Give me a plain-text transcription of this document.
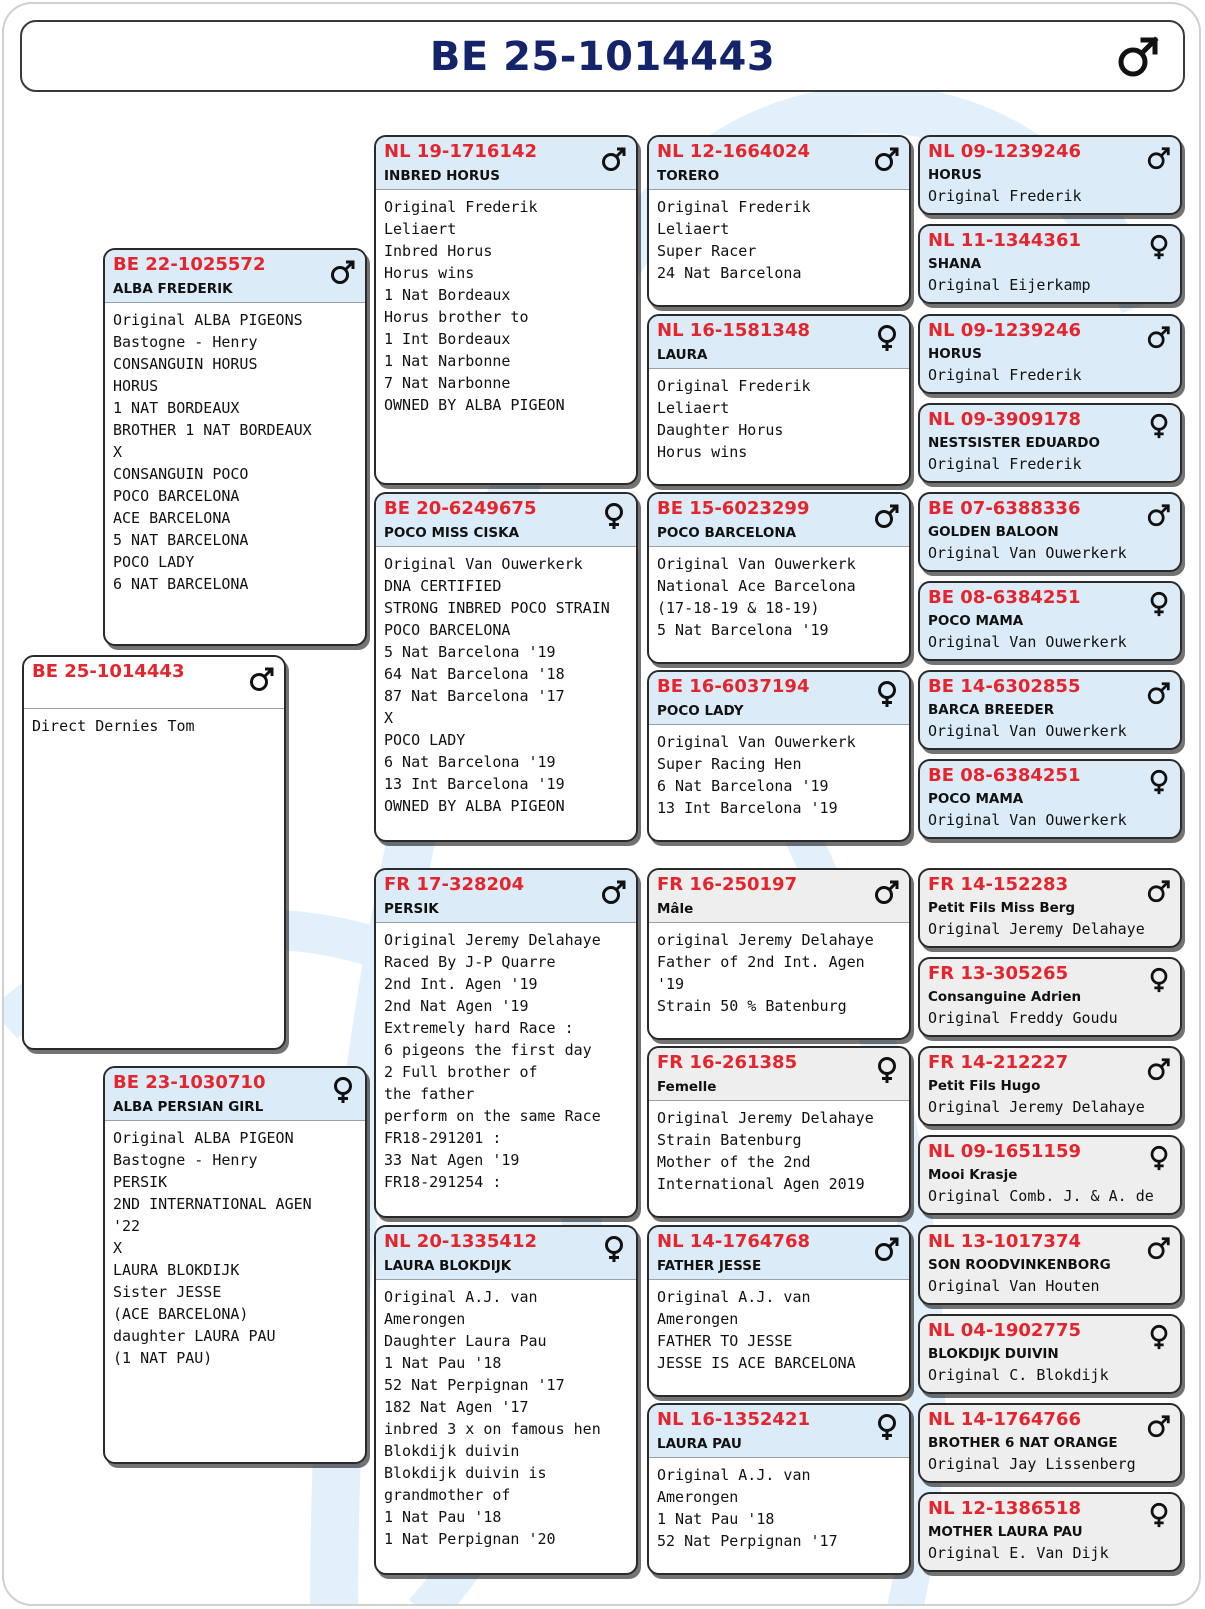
BE 25-1014443
BE 25-1014443
Direct Dernies Tom
BE 22-1025572
ALBA FREDERIK
Original ALBA PIGEONS
Bastogne - Henry
CONSANGUIN HORUS
HORUS
1 NAT BORDEAUX
BROTHER 1 NAT BORDEAUX
X
CONSANGUIN POCO
POCO BARCELONA
ACE BARCELONA
5 NAT BARCELONA
POCO LADY
6 NAT BARCELONA
BE 23-1030710
ALBA PERSIAN GIRL
Original ALBA PIGEON
Bastogne - Henry
PERSIK
2ND INTERNATIONAL AGEN
'22
X
LAURA BLOKDIJK
Sister JESSE
(ACE BARCELONA)
daughter LAURA PAU
(1 NAT PAU)
NL 19-1716142
INBRED HORUS
Original Frederik
Leliaert
Inbred Horus
Horus wins
1 Nat Bordeaux
Horus brother to
1 Int Bordeaux
1 Nat Narbonne
7 Nat Narbonne
OWNED BY ALBA PIGEON
BE 20-6249675
POCO MISS CISKA
Original Van Ouwerkerk
DNA CERTIFIED
STRONG INBRED POCO STRAIN
POCO BARCELONA
5 Nat Barcelona '19
64 Nat Barcelona '18
87 Nat Barcelona '17
X
POCO LADY
6 Nat Barcelona '19
13 Int Barcelona '19
OWNED BY ALBA PIGEON
FR 17-328204
PERSIK
Original Jeremy Delahaye
Raced By J-P Quarre
2nd Int. Agen '19
2nd Nat Agen '19
Extremely hard Race :
6 pigeons the first day
2 Full brother of
the father
perform on the same Race
FR18-291201 :
33 Nat Agen '19
FR18-291254 :
NL 20-1335412
LAURA BLOKDIJK
Original A.J. van
Amerongen
Daughter Laura Pau
1 Nat Pau '18
52 Nat Perpignan '17
182 Nat Agen '17
inbred 3 x on famous hen
Blokdijk duivin
Blokdijk duivin is
grandmother of
1 Nat Pau '18
1 Nat Perpignan '20
NL 12-1664024
TORERO
Original Frederik
Leliaert
Super Racer
24 Nat Barcelona
NL 16-1581348
LAURA
Original Frederik
Leliaert
Daughter Horus
Horus wins
BE 15-6023299
POCO BARCELONA
Original Van Ouwerkerk
National Ace Barcelona
(17-18-19 & 18-19)
5 Nat Barcelona '19
BE 16-6037194
POCO LADY
Original Van Ouwerkerk
Super Racing Hen
6 Nat Barcelona '19
13 Int Barcelona '19
FR 16-250197
Mâle
original Jeremy Delahaye
Father of 2nd Int. Agen
'19
Strain 50 % Batenburg
FR 16-261385
Femelle
Original Jeremy Delahaye
Strain Batenburg
Mother of the 2nd
International Agen 2019
NL 14-1764768
FATHER JESSE
Original A.J. van
Amerongen
FATHER TO JESSE
JESSE IS ACE BARCELONA
NL 16-1352421
LAURA PAU
Original A.J. van
Amerongen
1 Nat Pau '18
52 Nat Perpignan '17
NL 09-1239246
HORUS
Original Frederik
NL 11-1344361
SHANA
Original Eijerkamp
NL 09-1239246
HORUS
Original Frederik
NL 09-3909178
NESTSISTER EDUARDO
Original Frederik
BE 07-6388336
GOLDEN BALOON
Original Van Ouwerkerk
BE 08-6384251
POCO MAMA
Original Van Ouwerkerk
BE 14-6302855
BARCA BREEDER
Original Van Ouwerkerk
BE 08-6384251
POCO MAMA
Original Van Ouwerkerk
FR 14-152283
Petit Fils Miss Berg
Original Jeremy Delahaye
FR 13-305265
Consanguine Adrien
Original Freddy Goudu
FR 14-212227
Petit Fils Hugo
Original Jeremy Delahaye
NL 09-1651159
Mooi Krasje
Original Comb. J. & A. de
NL 13-1017374
SON ROODVINKENBORG
Original Van Houten
NL 04-1902775
BLOKDIJK DUIVIN
Original C. Blokdijk
NL 14-1764766
BROTHER 6 NAT ORANGE
Original Jay Lissenberg
NL 12-1386518
MOTHER LAURA PAU
Original E. Van Dijk
